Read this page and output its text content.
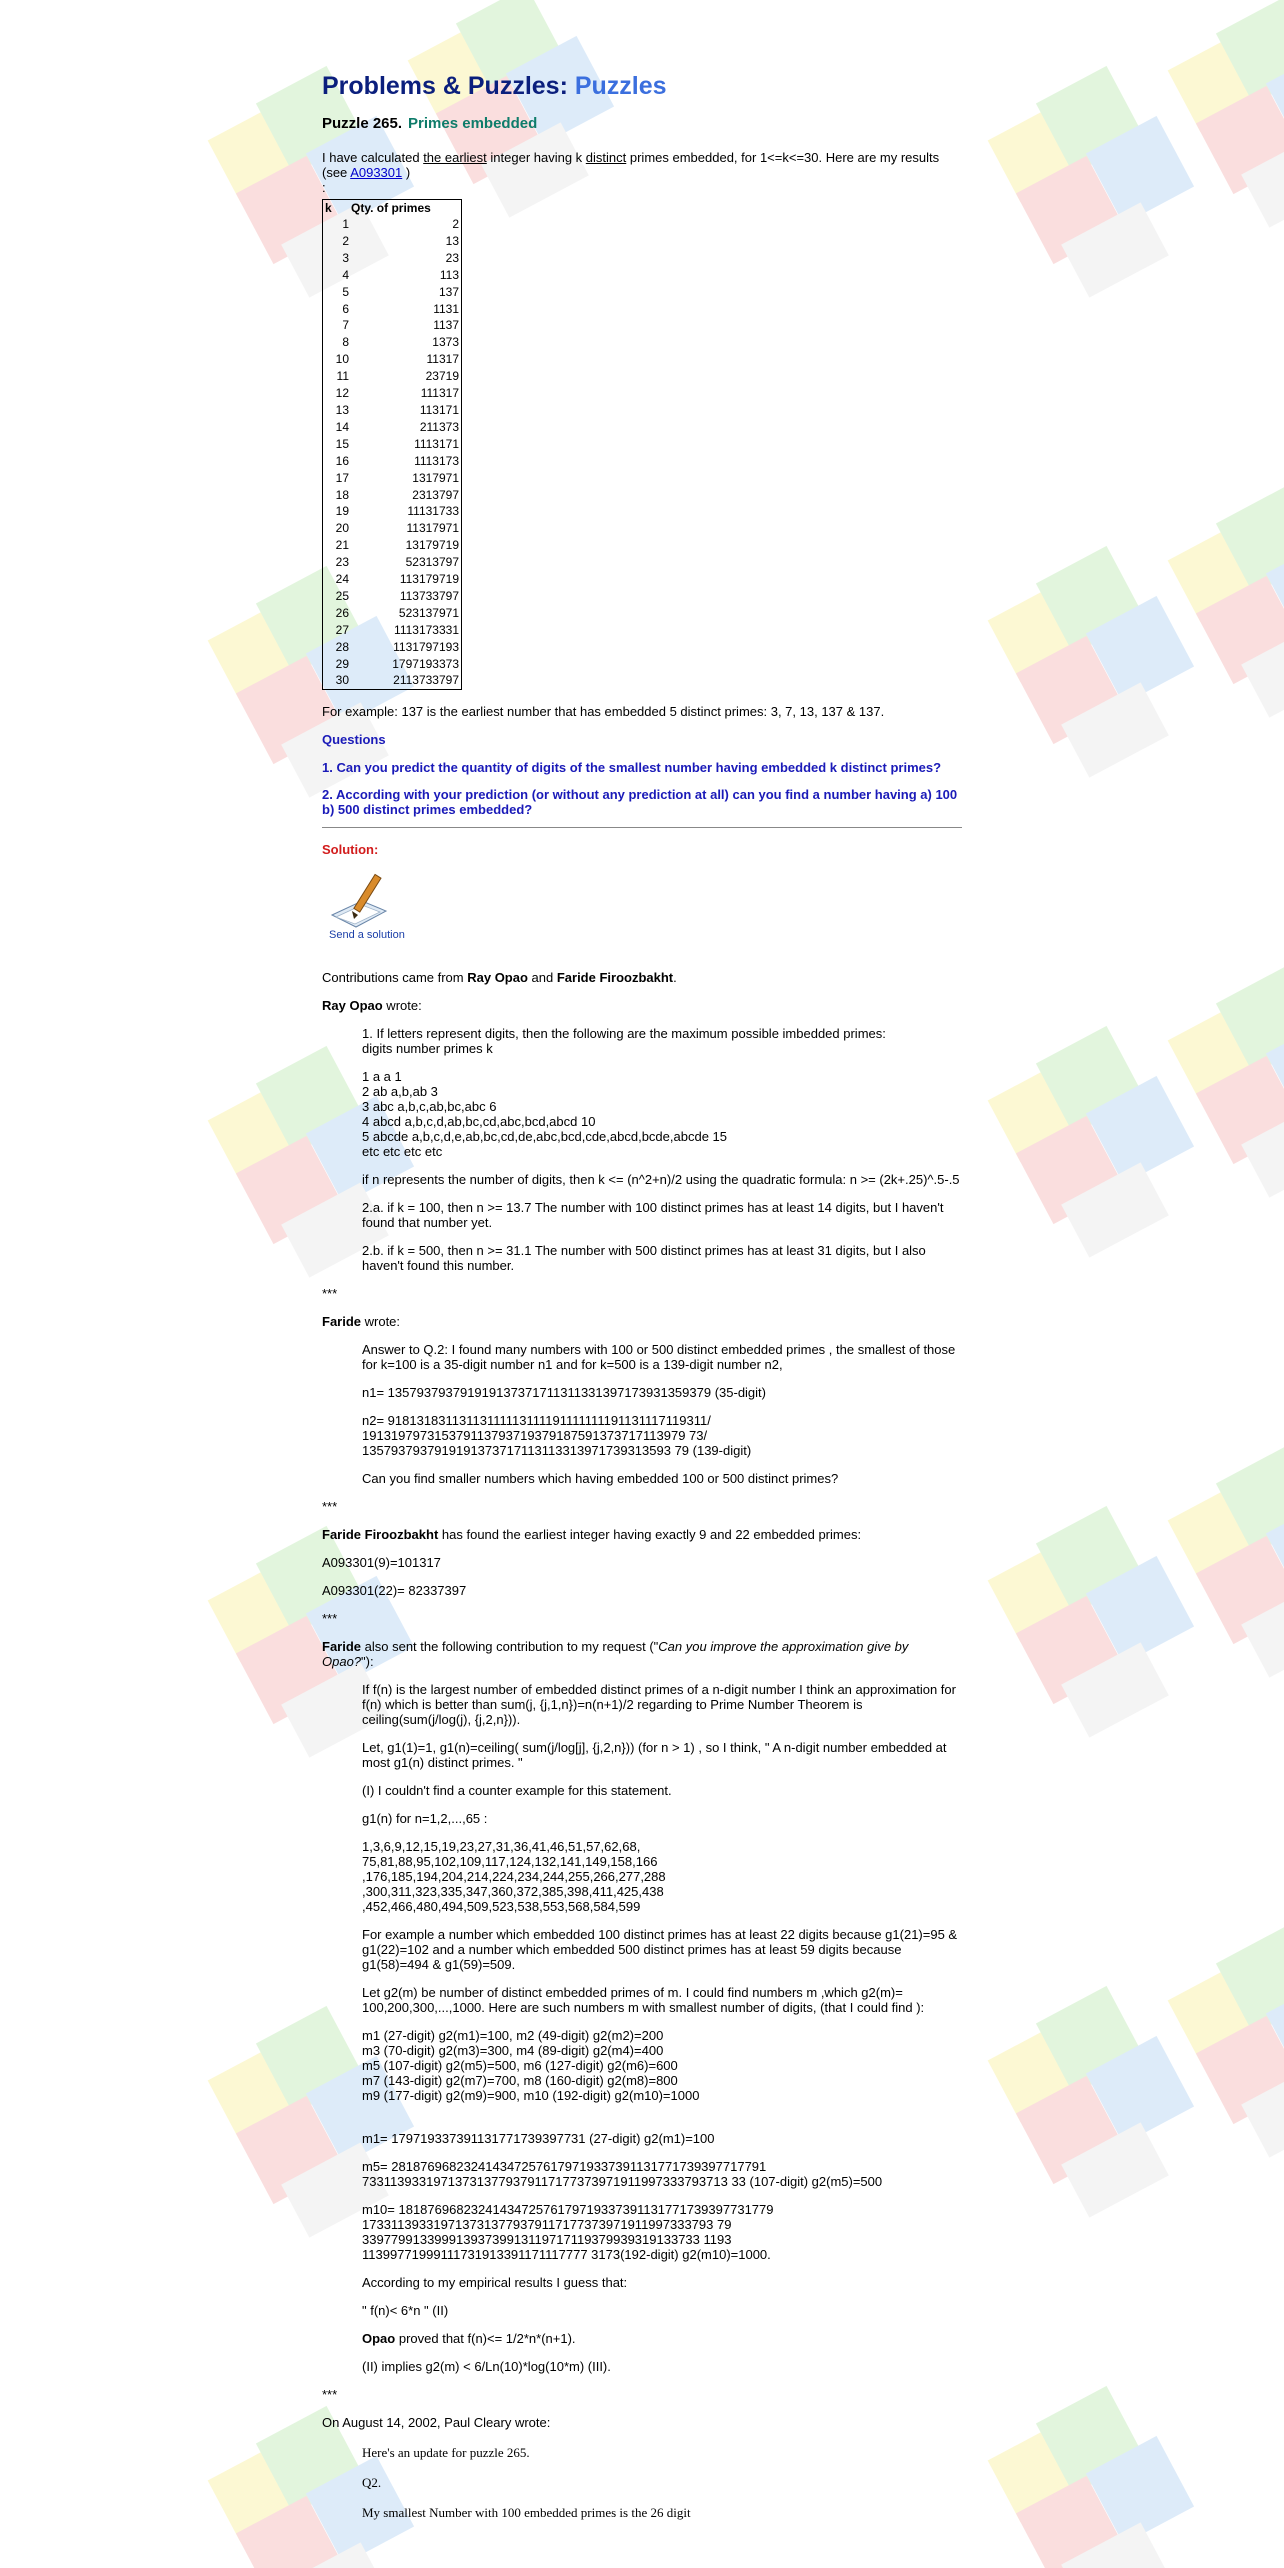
Problems & Puzzles: Puzzles
Puzzle 265. Primes embedded

I have calculated the earliest integer having k distinct primes embedded, for 1<=k<=30. Here are my results (see A093301 )

:

k	Qty. of primes
1	2
2	13
3	23
4	113
5	137
6	1131
7	1137
8	1373
10	11317
11	23719
12	111317
13	113171
14	211373
15	1113171
16	1113173
17	1317971
18	2313797
19	11131733
20	11317971
21	13179719
23	52313797
24	113179719
25	113733797
26	523137971
27	1113173331
28	1131797193
29	1797193373
30	2113733797

For example: 137 is the earliest number that has embedded 5 distinct primes: 3, 7, 13, 137 & 137.

Questions

1. Can you predict the quantity of digits of the smallest number having embedded k distinct primes?

2. According with your prediction (or without any prediction at all) can you find a number having a) 100 b) 500 distinct primes embedded?

Solution:

Send a solution

Contributions came from Ray Opao and Faride Firoozbakht.

Ray Opao wrote:

1. If letters represent digits, then the following are the maximum possible imbedded primes:

digits number primes k

1 a a 1

2 ab a,b,ab 3

3 abc a,b,c,ab,bc,abc 6

4 abcd a,b,c,d,ab,bc,cd,abc,bcd,abcd 10

5 abcde a,b,c,d,e,ab,bc,cd,de,abc,bcd,cde,abcd,bcde,abcde 15

etc etc etc etc

if n represents the number of digits, then k <= (n^2+n)/2 using the quadratic formula: n >= (2k+.25)^.5-.5

2.a. if k = 100, then n >= 13.7 The number with 100 distinct primes has at least 14 digits, but I haven't found that number yet.

2.b. if k = 500, then n >= 31.1 The number with 500 distinct primes has at least 31 digits, but I also haven't found this number.

***

Faride wrote:

Answer to Q.2: I found many numbers with 100 or 500 distinct embedded primes , the smallest of those for k=100 is a 35-digit number n1 and for k=500 is a 139-digit number n2,

n1= 13579379379191913737171131133139717393135937​9 (35-digit)

n2= 91813183113113111113111191111111191131117119311/

191319797315379113793719379187591373717113979 73/

1357937937919191373717113113313971739313593 79 (139-digit)

Can you find smaller numbers which having embedded 100 or 500 distinct primes?

***

Faride Firoozbakht has found the earliest integer having exactly 9 and 22 embedded primes:

A093301(9)=101317

A093301(22)= 82337397

***

Faride also sent the following contribution to my request ("Can you improve the approximation give by Opao?"):

If f(n) is the largest number of embedded distinct primes of a n-digit number I think an approximation for f(n) which is better than sum(j, {j,1,n})=n(n+1)/2 regarding to Prime Number Theorem is ceiling(sum(j/log(j), {j,2,n})).

Let, g1(1)=1, g1(n)=ceiling( sum(j/log[j], {j,2,n})) (for n > 1) , so I think, " A n-digit number embedded at most g1(n) distinct primes. "

(I) I couldn't find a counter example for this statement.

g1(n) for n=1,2,...,65 :

1,3,6,9,12,15,19,23,27,31,36,41,46,51,57,62,68,

75,81,88,95,102,109,117,124,132,141,149,158,166

,176,185,194,204,214,224,234,244,255,266,277,288

,300,311,323,335,347,360,372,385,398,411,425,438

,452,466,480,494,509,523,538,553,568,584,599

For example a number which embedded 100 distinct primes has at least 22 digits because g1(21)=95 & g1(22)=102 and a number which embedded 500 distinct primes has at least 59 digits because g1(58)=494 & g1(59)=509.

Let g2(m) be number of distinct embedded primes of m. I could find numbers m ,which g2(m)= 100,200,300,...,1000. Here are such numbers m with smallest number of digits, (that I could find ):

m1 (27-digit) g2(m1)=100, m2 (49-digit) g2(m2)=200

m3 (70-digit) g2(m3)=300, m4 (89-digit) g2(m4)=400

m5 (107-digit) g2(m5)=500, m6 (127-digit) g2(m6)=600

m7 (143-digit) g2(m7)=700, m8 (160-digit) g2(m8)=800

m9 (177-digit) g2(m9)=900, m10 (192-digit) g2(m10)=1000

m1= 179719337391131771739397731 (27-digit) g2(m1)=100

m5= 2818769682324143472576179719337391131771739397717791

733113933197137313779379117177373971911997333793713 33 (107-digit) g2(m5)=500

m10= 1818769682324143472576179719337391131771739397731779

1733113933197137313779379117177373971911997333793 79

33977991339991393739913119717119379939319133733 1193

11399771999111731913391171117777 3173(192-digit) g2(m10)=1000.

According to my empirical results I guess that:

" f(n)< 6*n " (II)

Opao proved that f(n)<= 1/2*n*(n+1).

(II) implies g2(m) < 6/Ln(10)*log(10*m) (III).

***

On August 14, 2002, Paul Cleary wrote:

Here's an update for puzzle 265.

Q2.

My smallest Number with 100 embedded primes is the 26 digit
